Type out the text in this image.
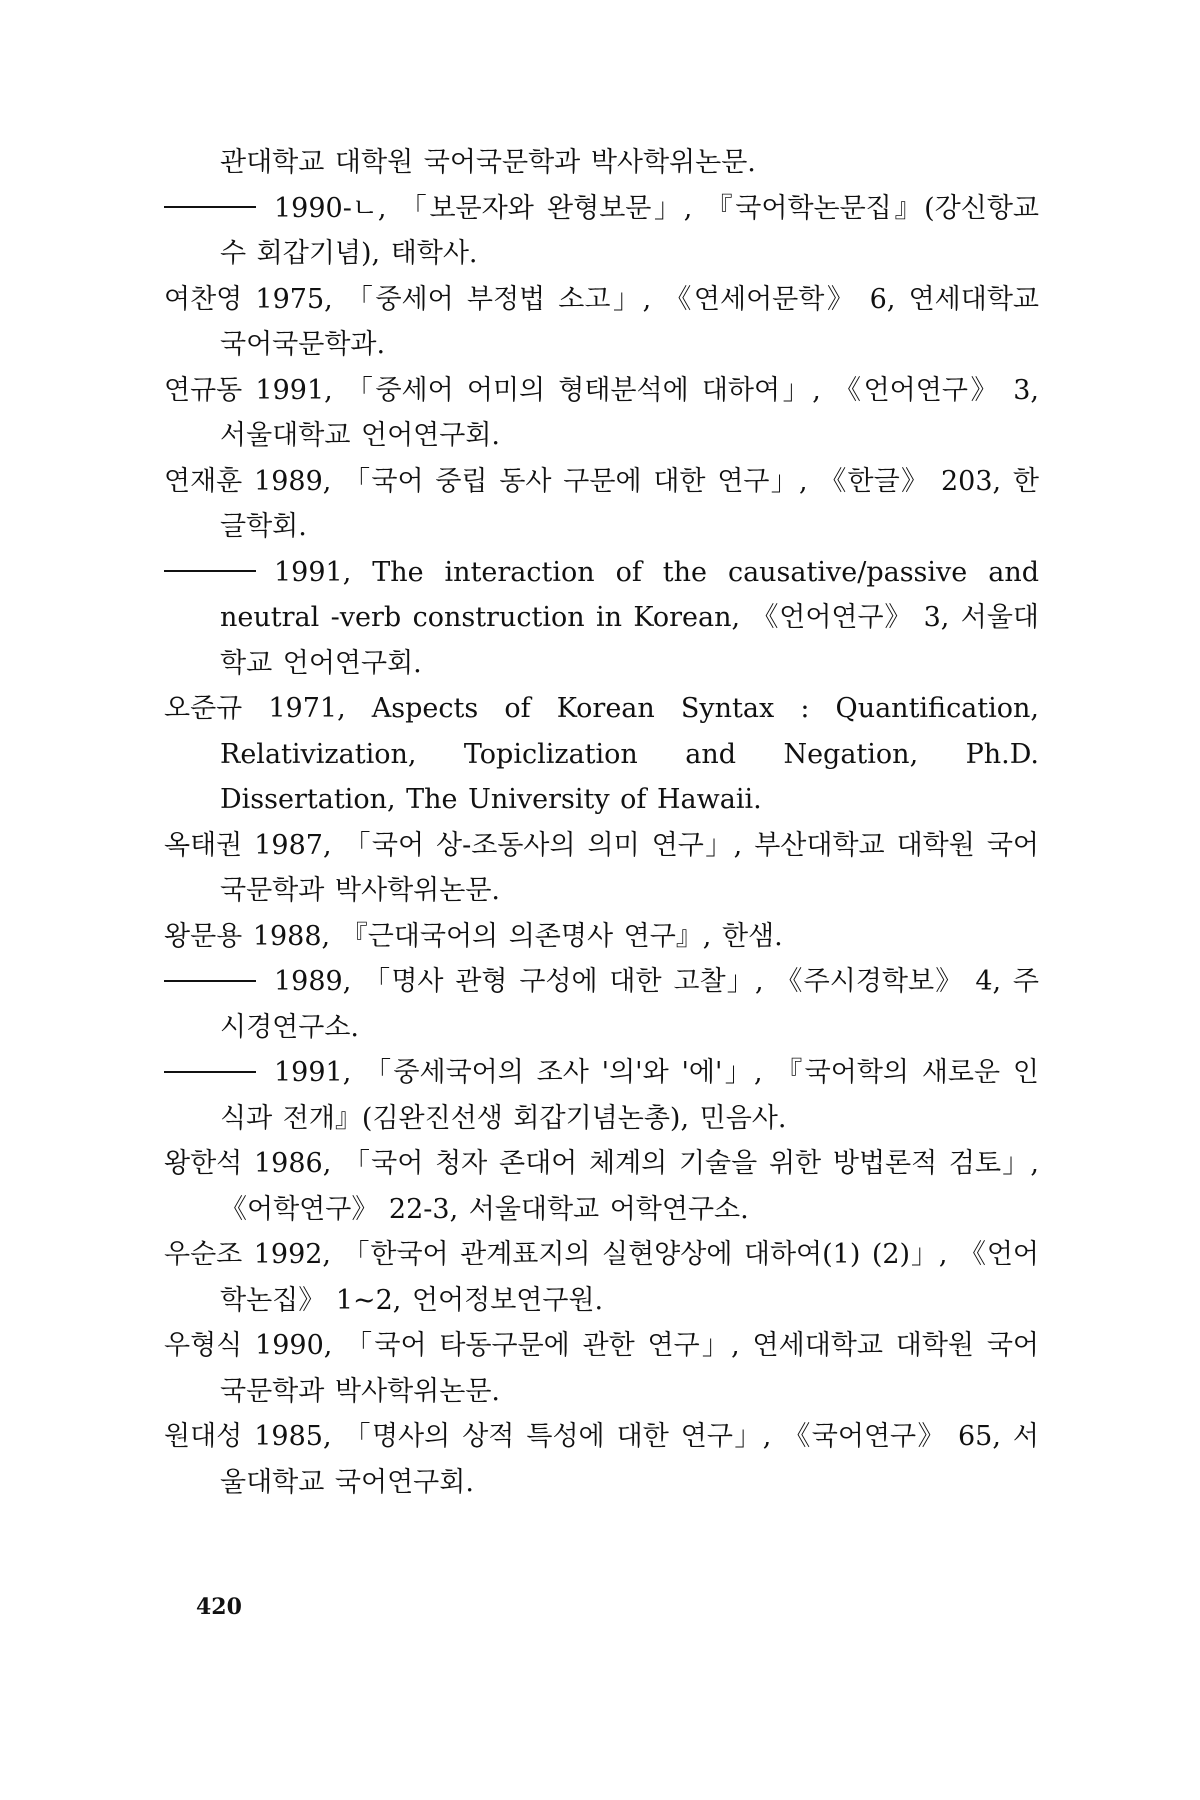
관대학교 대학원 국어국문학과 박사학위논문.
1990-ㄴ, 「보문자와 완형보문」, 『국어학논문집』(강신항교수 회갑기념), 태학사.
여찬영 1975, 「중세어 부정법 소고」, 《연세어문학》 6, 연세대학교 국어국문학과.
연규동 1991, 「중세어 어미의 형태분석에 대하여」, 《언어연구》 3, 서울대학교 언어연구회.
연재훈 1989, 「국어 중립 동사 구문에 대한 연구」, 《한글》 203, 한글학회.
1991, The interaction of the causative/passive and neutral -verb construction in Korean, 《언어연구》 3, 서울대학교 언어연구회.
오준규 1971, Aspects of Korean Syntax : Quantification, Relativization, Topiclization and Negation, Ph.D. Dissertation, The University of Hawaii.
옥태권 1987, 「국어 상-조동사의 의미 연구」, 부산대학교 대학원 국어국문학과 박사학위논문.
왕문용 1988, 『근대국어의 의존명사 연구』, 한샘.
1989, 「명사 관형 구성에 대한 고찰」, 《주시경학보》 4, 주시경연구소.
1991, 「중세국어의 조사 '의'와 '에'」, 『국어학의 새로운 인식과 전개』(김완진선생 회갑기념논총), 민음사.
왕한석 1986, 「국어 청자 존대어 체계의 기술을 위한 방법론적 검토」, 《어학연구》 22-3, 서울대학교 어학연구소.
우순조 1992, 「한국어 관계표지의 실현양상에 대하여(1) (2)」, 《언어학논집》 1~2, 언어정보연구원.
우형식 1990, 「국어 타동구문에 관한 연구」, 연세대학교 대학원 국어국문학과 박사학위논문.
원대성 1985, 「명사의 상적 특성에 대한 연구」, 《국어연구》 65, 서울대학교 국어연구회.
420
